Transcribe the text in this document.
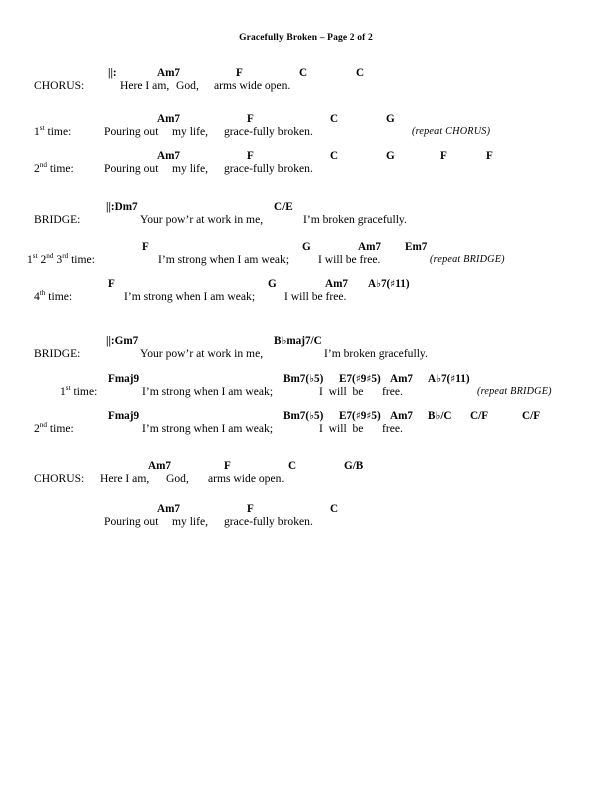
Gracefully Broken – Page 2 of 2
||:	Am7	F	C	C
CHORUS:	Here I am, God, arms wide open.
Am7	F	C	G
1st time:	Pouring out my life, grace-fully broken.	(repeat CHORUS)
Am7	F	C	G	F	F
2nd time:	Pouring out my life, grace-fully broken.
||:Dm7	C/E
BRIDGE:	Your pow’r at work in me,	I’m broken gracefully.
F	G	Am7 Em7
1st 2nd 3rd time:	I’m strong when I am weak; I will be free.	(repeat BRIDGE)
F	G	Am7 A♭7(♯11)
4th time:	I’m strong when I am weak; I will be free.
||:Gm7	B♭maj7/C
BRIDGE:	Your pow’r at work in me,	I’m broken gracefully.
Fmaj9	Bm7(♭5) E7(♯9♯5) Am7 A♭7(♯11)
1st time:	I’m strong when I am weak;	I  will  be free.	(repeat BRIDGE)
Fmaj9	Bm7(♭5) E7(♯9♯5) Am7 B♭/C C/F	C/F
2nd time:	I’m strong when I am weak;	I  will  be free.
Am7	F	C	G/B
CHORUS: Here I am, God, arms wide open.
Am7	F	C
Pouring out my life, grace-fully broken.
